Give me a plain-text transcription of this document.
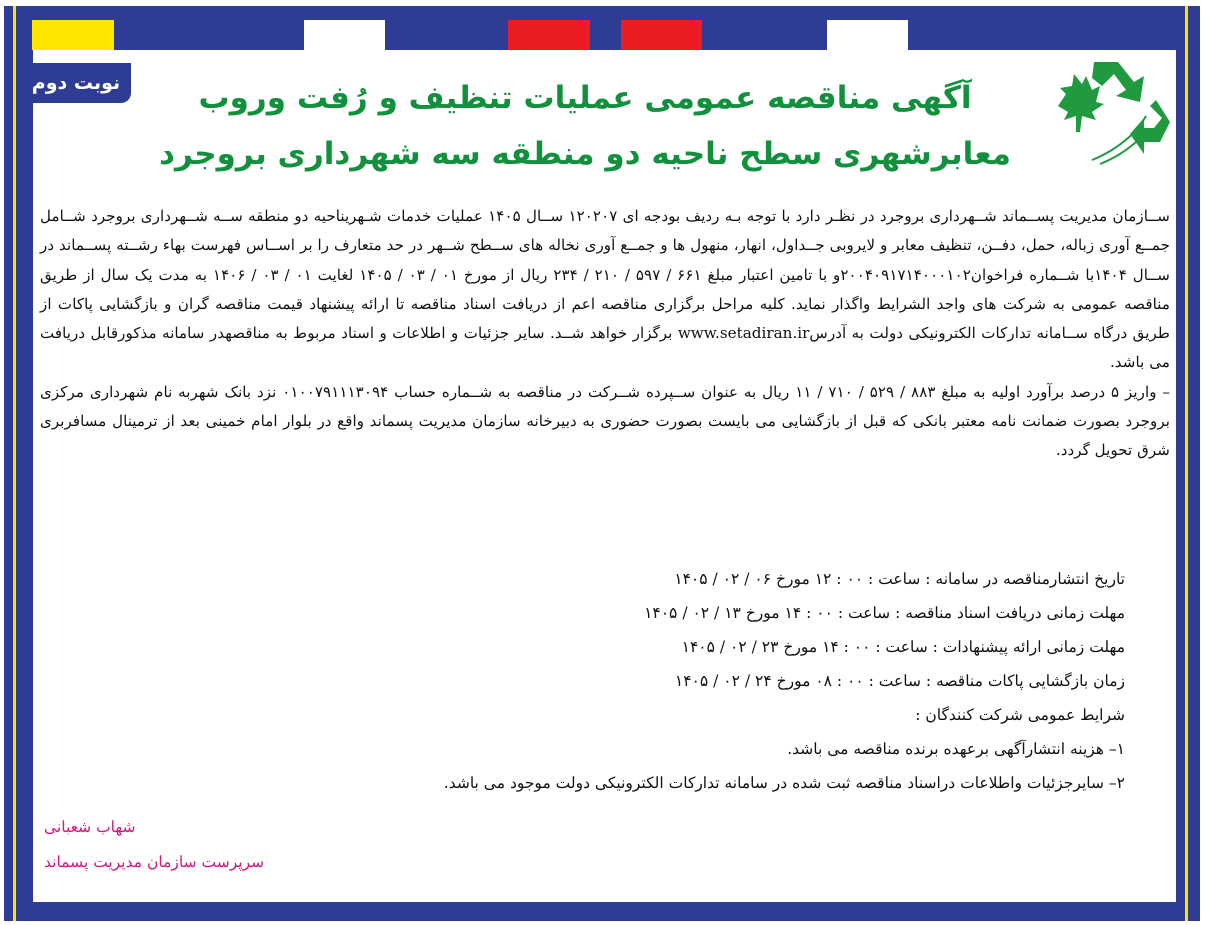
نوبت دوم	آگهی مناقصه عمومی عملیات تنظیف و رُفت وروب
معابرشهری سطح ناحیه دو منطقه سه شهرداری بروجرد

ســازمان مدیریت پســماند شــهرداری بروجرد در نظـر دارد با توجه بـه ردیف بودجه ای ۱۲۰۲۰۷ ســال ۱۴۰۵ عملیات خدمات شـهریناحیه دو منطقه ســه شــهرداری بروجرد شــامل جمــع آوری زباله، حمل، دفــن، تنظیف معابر و لایروبی جــداول، انهار، منهول ها و جمــع آوری نخاله های ســطح شــهر در حد متعارف را بر اســاس فهرست بهاء رشــته پســماند در ســال ۱۴۰۴با شــماره فراخوان۲۰۰۴۰۹۱۷۱۴۰۰۰۱۰۲و با تامین اعتبار مبلغ ۶۶۱ / ۵۹۷ / ۲۱۰ / ۲۳۴ ریال از مورخ ۰۱ / ۰۳ / ۱۴۰۵ لغایت ۰۱ / ۰۳ / ۱۴۰۶ به مدت یک سال از طریق مناقصه عمومی به شرکت های واجد الشرایط واگذار نماید. کلیه مراحل برگزاری مناقصه اعم از دریافت اسناد مناقصه تا ارائه پیشنهاد قیمت مناقصه گران و بازگشایی پاکات از طریق درگاه ســامانه تدارکات الکترونیکی دولت به آدرسwww.setadiran.ir برگزار خواهد شــد. سایر جزئیات و اطلاعات و اسناد مربوط به مناقصهدر سامانه مذکورقابل دریافت می باشد.

– واریز ۵ درصد برآورد اولیه به مبلغ ۸۸۳ / ۵۲۹ / ۷۱۰ / ۱۱ ریال به عنوان ســپرده شــرکت در مناقصه به شــماره حساب ۰۱۰۰۷۹۱۱۱۳۰۹۴ نزد بانک شهربه نام شهرداری مرکزی بروجرد بصورت ضمانت نامه معتبر بانکی که قبل از بازگشایی می بایست بصورت حضوری به دبیرخانه سازمان مدیریت پسماند واقع در بلوار امام خمینی بعد از ترمینال مسافربری شرق تحویل گردد.

تاریخ انتشارمناقصه در سامانه : ساعت : ۰۰ : ۱۲ مورخ ۰۶ / ۰۲ / ۱۴۰۵
مهلت زمانی دریافت اسناد مناقصه : ساعت : ۰۰ : ۱۴ مورخ ۱۳ / ۰۲ / ۱۴۰۵
مهلت زمانی ارائه پیشنهادات : ساعت : ۰۰ : ۱۴ مورخ ۲۳ / ۰۲ / ۱۴۰۵
زمان بازگشایی پاکات مناقصه : ساعت : ۰۰ : ۰۸ مورخ ۲۴ / ۰۲ / ۱۴۰۵
شرایط عمومی شرکت کنندگان :
۱– هزینه انتشارآگهی برعهده برنده مناقصه می باشد.
۲– سایرجزئیات واطلاعات دراسناد مناقصه ثبت شده در سامانه تدارکات الکترونیکی دولت موجود می باشد.
شهاب شعبانی
سرپرست سازمان مدیریت پسماند
